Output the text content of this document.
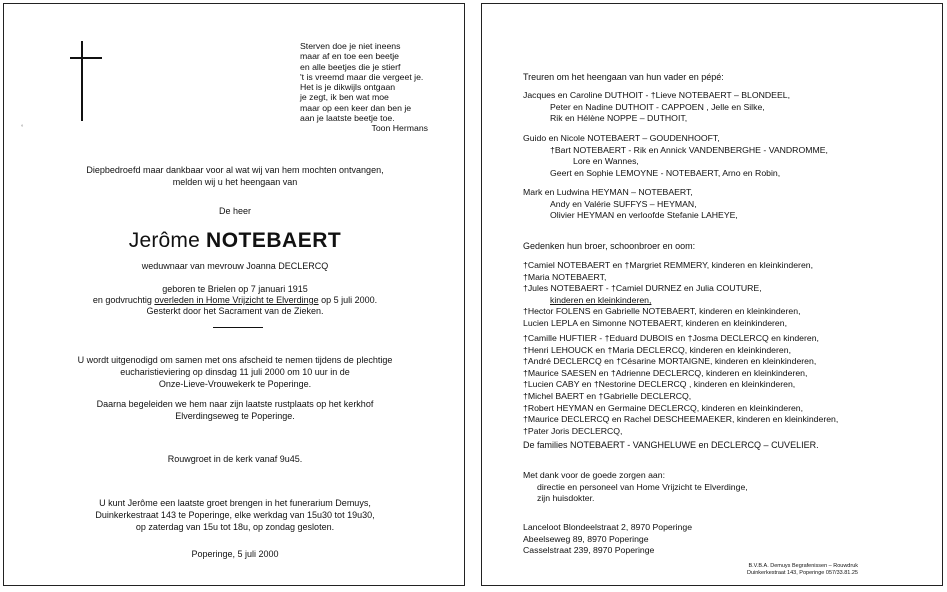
°
Sterven doe je niet ineens
maar af en toe een beetje
en alle beetjes die je stierf
't is vreemd maar die vergeet je.
Het is je dikwijls ontgaan
je zegt, ik ben wat moe
maar op een keer dan ben je
aan je laatste beetje toe.
Toon Hermans
Diepbedroefd maar dankbaar voor al wat wij van hem mochten ontvangen,
melden wij u het heengaan van
De heer
Jerôme NOTEBAERT
weduwnaar van mevrouw Joanna DECLERCQ
geboren te Brielen op 7 januari 1915
en godvruchtig overleden in Home Vrijzicht te Elverdinge op 5 juli 2000.
Gesterkt door het Sacrament van de Zieken.
U wordt uitgenodigd om samen met ons afscheid te nemen tijdens de plechtige
eucharistieviering op dinsdag 11 juli 2000 om 10 uur in de
Onze-Lieve-Vrouwekerk te Poperinge.
Daarna begeleiden we hem naar zijn laatste rustplaats op het kerkhof
Elverdingseweg te Poperinge.
Rouwgroet in de kerk vanaf 9u45.
U kunt Jerôme een laatste groet brengen in het funerarium Demuys,
Duinkerkestraat 143 te Poperinge, elke werkdag van 15u30 tot 19u30,
op zaterdag van 15u tot 18u, op zondag gesloten.
Poperinge, 5 juli 2000
Treuren om het heengaan van hun vader en pépé:
Jacques en Caroline DUTHOIT - †Lieve NOTEBAERT – BLONDEEL,
Peter en Nadine DUTHOIT - CAPPOEN , Jelle en Silke,
Rik en Hélène NOPPE – DUTHOIT,
Guido en Nicole NOTEBAERT – GOUDENHOOFT,
†Bart NOTEBAERT - Rik en Annick VANDENBERGHE - VANDROMME,
Lore en Wannes,
Geert en Sophie LEMOYNE - NOTEBAERT, Arno en Robin,
Mark en Ludwina HEYMAN – NOTEBAERT,
Andy en Valérie SUFFYS – HEYMAN,
Olivier HEYMAN en verloofde Stefanie LAHEYE,
Gedenken hun broer, schoonbroer en oom:
†Camiel NOTEBAERT en †Margriet REMMERY, kinderen en kleinkinderen,
†Maria NOTEBAERT,
†Jules NOTEBAERT - †Camiel DURNEZ en Julia COUTURE,
kinderen en kleinkinderen,
†Hector FOLENS en Gabrielle NOTEBAERT, kinderen en kleinkinderen,
Lucien LEPLA en Simonne NOTEBAERT, kinderen en kleinkinderen,
†Camille HUFTIER - †Eduard DUBOIS en †Josma DECLERCQ en kinderen,
†Henri LEHOUCK en †Maria DECLERCQ, kinderen en kleinkinderen,
†André DECLERCQ en †Césarine MORTAIGNE, kinderen en kleinkinderen,
†Maurice SAESEN en †Adrienne DECLERCQ, kinderen en kleinkinderen,
†Lucien CABY en †Nestorine DECLERCQ , kinderen en kleinkinderen,
†Michel BAERT en †Gabrielle DECLERCQ,
†Robert HEYMAN en Germaine DECLERCQ, kinderen en kleinkinderen,
†Maurice DECLERCQ en Rachel DESCHEEMAEKER, kinderen en kleinkinderen,
†Pater Joris DECLERCQ,
De families NOTEBAERT - VANGHELUWE en DECLERCQ – CUVELIER.
Met dank voor de goede zorgen aan:
directie en personeel van Home Vrijzicht te Elverdinge,
zijn huisdokter.
Lanceloot Blondeelstraat 2, 8970 Poperinge
Abeelseweg 89, 8970 Poperinge
Casselstraat 239, 8970 Poperinge
B.V.B.A. Demuys Begrafenissen – Rouwdruk
Duinkerkestraat 143, Poperinge 057/33.81.25
